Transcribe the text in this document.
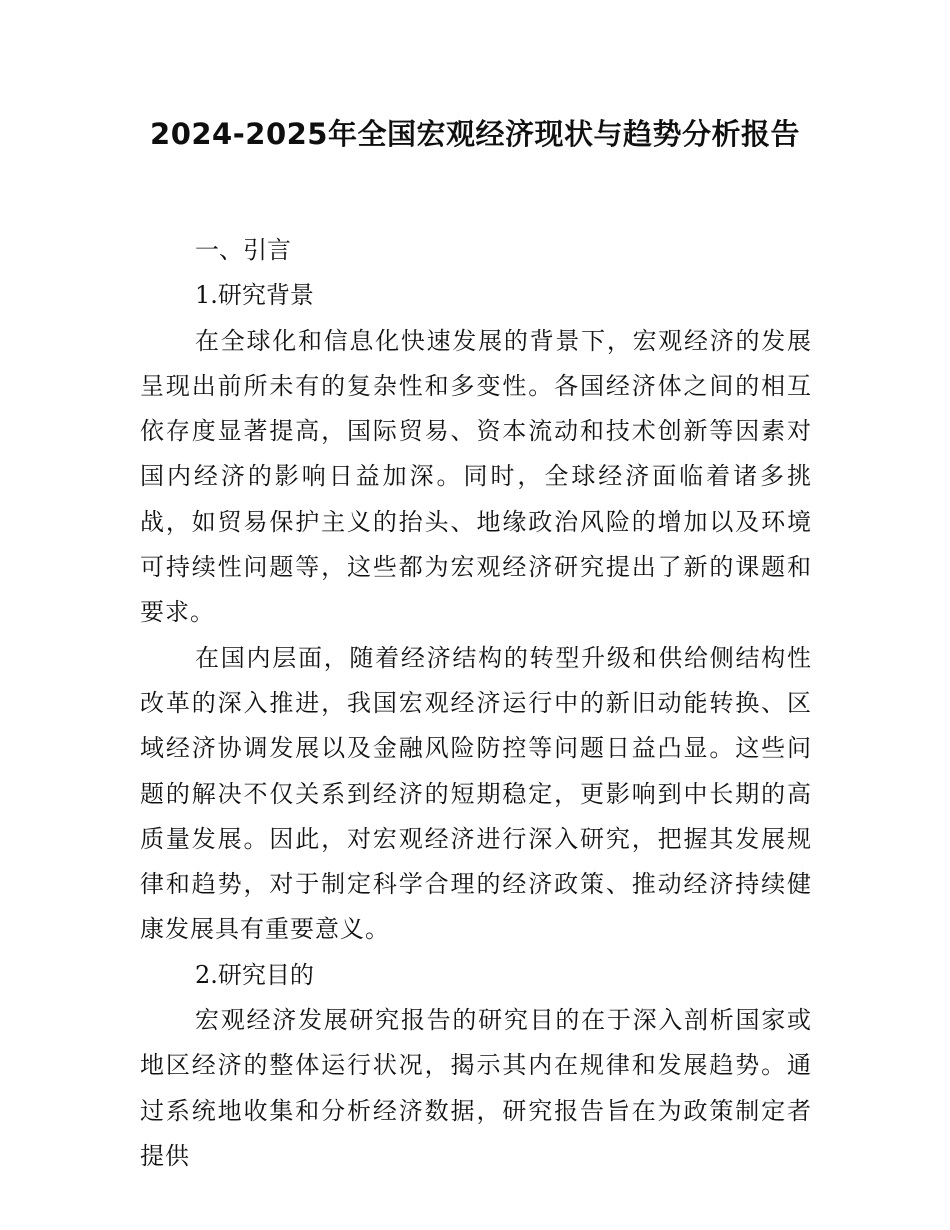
2024-2025年全国宏观经济现状与趋势分析报告
一、引言
1.研究背景

在全球化和信息化快速发展的背景下，宏观经济的发展呈现出前所未有的复杂性和多变性。各国经济体之间的相互依存度显著提高，国际贸易、资本流动和技术创新等因素对国内经济的影响日益加深。同时，全球经济面临着诸多挑战，如贸易保护主义的抬头、地缘政治风险的增加以及环境可持续性问题等，这些都为宏观经济研究提出了新的课题和要求。

在国内层面，随着经济结构的转型升级和供给侧结构性改革的深入推进，我国宏观经济运行中的新旧动能转换、区域经济协调发展以及金融风险防控等问题日益凸显。这些问题的解决不仅关系到经济的短期稳定，更影响到中长期的高质量发展。因此，对宏观经济进行深入研究，把握其发展规律和趋势，对于制定科学合理的经济政策、推动经济持续健康发展具有重要意义。

2.研究目的

宏观经济发展研究报告的研究目的在于深入剖析国家或地区经济的整体运行状况，揭示其内在规律和发展趋势。通过系统地收集和分析经济数据，研究报告旨在为政策制定者提供
